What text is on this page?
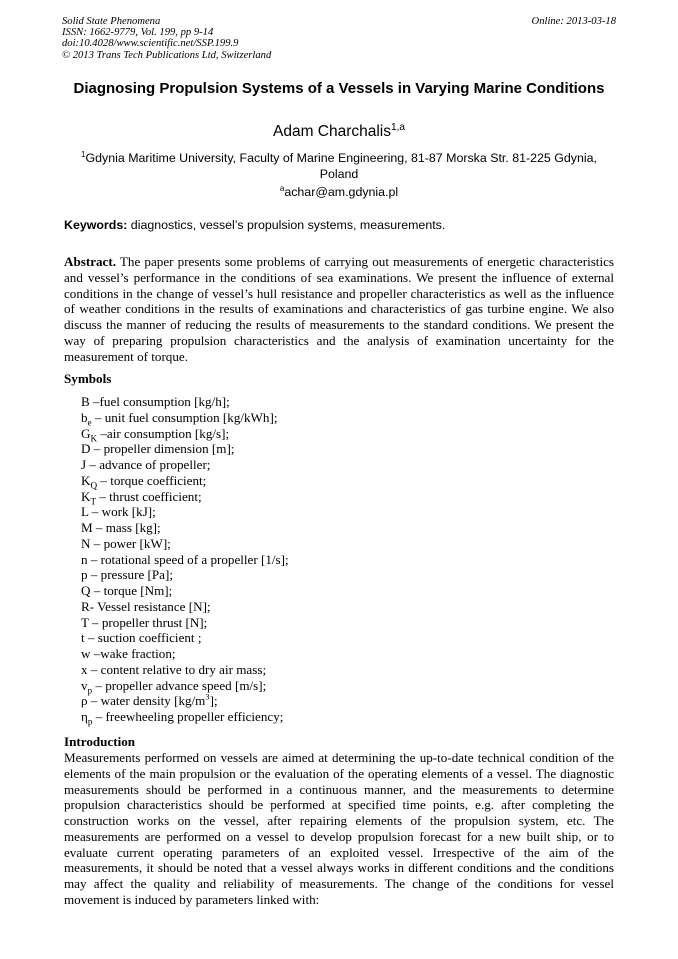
Solid State Phenomena
ISSN: 1662-9779, Vol. 199, pp 9-14
doi:10.4028/www.scientific.net/SSP.199.9
© 2013 Trans Tech Publications Ltd, Switzerland
Online: 2013-03-18
Diagnosing Propulsion Systems of a Vessels in Varying Marine Conditions
Adam Charchalis$^{1,a}$
$^1$Gdynia Maritime University, Faculty of Marine Engineering, 81-87 Morska Str. 81-225 Gdynia, Poland
$^a$achar@am.gdynia.pl
Keywords: diagnostics, vessel’s propulsion systems, measurements.
Abstract. The paper presents some problems of carrying out measurements of energetic characteristics and vessel’s performance in the conditions of sea examinations. We present the influence of external conditions in the change of vessel’s hull resistance and propeller characteristics as well as the influence of weather conditions in the results of examinations and characteristics of gas turbine engine. We also discuss the manner of reducing the results of measurements to the standard conditions. We present the way of preparing propulsion characteristics and the analysis of examination uncertainty for the measurement of torque.
Symbols
B –fuel consumption [kg/h];
$b_e$ – unit fuel consumption [kg/kWh];
$G_K$ –air consumption [kg/s];
D – propeller dimension [m];
J – advance of propeller;
$K_Q$ – torque coefficient;
$K_T$ – thrust coefficient;
L – work [kJ];
M – mass [kg];
N – power [kW];
n – rotational speed of a propeller [1/s];
p – pressure [Pa];
Q – torque [Nm];
R- Vessel resistance [N];
T – propeller thrust [N];
t – suction coefficient ;
w –wake fraction;
x – content relative to dry air mass;
$v_p$ – propeller advance speed [m/s];
ρ – water density $[kg/m^3]$;
$\eta_p$ – freewheeling propeller efficiency;
Introduction

Measurements performed on vessels are aimed at determining the up-to-date technical condition of the elements of the main propulsion or the evaluation of the operating elements of a vessel. The diagnostic measurements should be performed in a continuous manner, and the measurements to determine propulsion characteristics should be performed at specified time points, e.g. after completing the construction works on the vessel, after repairing elements of the propulsion system, etc. The measurements are performed on a vessel to develop propulsion forecast for a new built ship, or to evaluate current operating parameters of an exploited vessel. Irrespective of the aim of the measurements, it should be noted that a vessel always works in different conditions and the conditions may affect the quality and reliability of measurements. The change of the conditions for vessel movement is induced by parameters linked with:
